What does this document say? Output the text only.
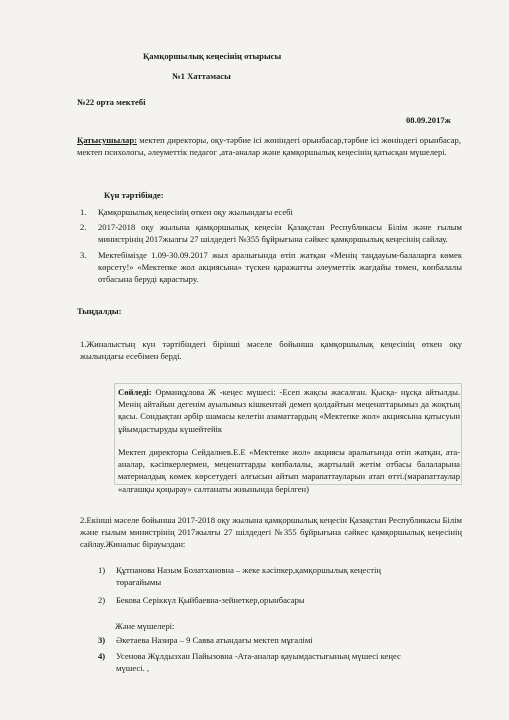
Қамқоршылық кеңесінің отырысы
№1 Хаттамасы
№22 орта мектебі
08.09.2017ж
Қатысушылар: мектеп директоры, оқу-тәрбие ісі жөніндегі орынбасар,тәрбие ісі жөніндегі орынбасар, мектеп психологы, әлеуметтік педагог ,ата-аналар және қамқоршылық кеңесінің қатысқан мүшелері.
Күн тәртібінде:
1.	Қамқоршылық кеңесінің өткен оқу жылындағы есебі
2.	2017-2018 оқу жылына қамқоршылық кеңесін Қазақстан Республикасы Білім және ғылым министрінің 2017жылғы 27 шілдедегі №355 бұйрығына сәйкес қамқоршылық кеңесінің сайлау.
3.	Мектебімізде 1.09-30.09.2017 жыл аралығында өтіп жатқан «Менің таңдауым-балаларға көмек көрсету!» «Мектепке жол акциясына» түскен қаражатты әлеуметтік жағдайы төмен, көпбалалы отбасына беруді қарастыру.
Тыңдалды:
1.Жиналыстың күн тәртібіндегі бірінші мәселе бойынша қамқоршылық кеңесінің өткен оқу жылындағы есебімен берді.
Сөйледі: Орманқұлова Ж -кеңес мүшесі: -Есеп жақсы жасалған. Қысқа- нұсқа айтылды. Менің айтайын дегенім ауылымыз кішкентай демеп қолдайтын меценаттарымыз да жоқтың қасы. Сондықтан әрбір шамасы келетін азаматтардың «Мектепке жол» акциясына қатысуын ұйымдастыруды күшейтейік
Мектеп директоры Сейдалиев.Е.Е «Мектепке жол» акциясы аралығында өтіп жатқан, ата-аналар, кәсіпкерлермен, меценаттарды көпбалалы, жартылай жетім отбасы балаларына материалдық көмек көрсетудегі алғысын айтып марапаттауларын атап өтті.(марапаттаулар «алғашқы қоңырау» салтанаты жиынында берілген)
2.Екінші мәселе бойынша 2017-2018 оқу жылына қамқоршылық кеңесін Қазақстан Республикасы Білім және ғылым министрінің 2017жылғы 27 шілдедегі №355 бұйрығына сәйкес қамқоршылық кеңесінің сайлау.Жиналыс бірауыздан:
1)	Құтпанова Назым Болатхановна – жеке кәсіпкер,қамқоршылық кеңестің
төрағайымы
2)	Бекова Серіккүл Қыйбаевна-зейнеткер,орынбасары
Және мүшелері:
3)	Әкетаева Назира – 9 Савва атындағы мектеп мұғалімі
4)	Усенова Жұлдызхан Пайызовна -Ата-аналар қауымдастығының мүшесі кеңес
мүшесі. ,
